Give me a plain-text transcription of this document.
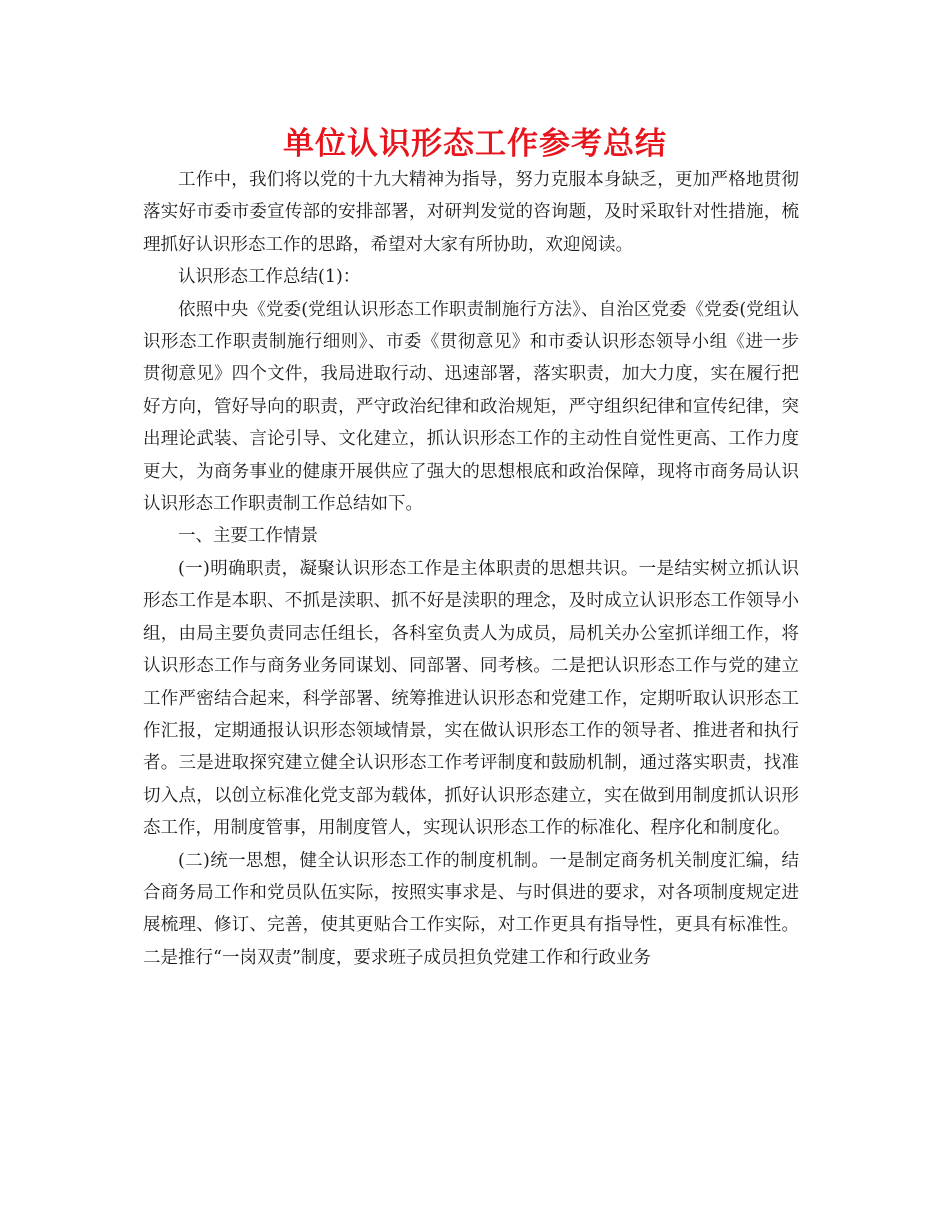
单位认识形态工作参考总结

工作中，我们将以党的十九大精神为指导，努力克服本身缺乏，更加严格地贯彻落实好市委市委宣传部的安排部署，对研判发觉的咨询题，及时采取针对性措施，梳理抓好认识形态工作的思路，希望对大家有所协助，欢迎阅读。

认识形态工作总结(1)：

依照中央《党委(党组认识形态工作职责制施行方法》、自治区党委《党委(党组认识形态工作职责制施行细则》、市委《贯彻意见》和市委认识形态领导小组《进一步贯彻意见》四个文件，我局进取行动、迅速部署，落实职责，加大力度，实在履行把好方向，管好导向的职责，严守政治纪律和政治规矩，严守组织纪律和宣传纪律，突出理论武装、言论引导、文化建立，抓认识形态工作的主动性自觉性更高、工作力度更大，为商务事业的健康开展供应了强大的思想根底和政治保障，现将市商务局认识认识形态工作职责制工作总结如下。

一、主要工作情景

(一)明确职责，凝聚认识形态工作是主体职责的思想共识。一是结实树立抓认识形态工作是本职、不抓是渎职、抓不好是渎职的理念，及时成立认识形态工作领导小组，由局主要负责同志任组长，各科室负责人为成员，局机关办公室抓详细工作，将认识形态工作与商务业务同谋划、同部署、同考核。二是把认识形态工作与党的建立工作严密结合起来，科学部署、统筹推进认识形态和党建工作，定期听取认识形态工作汇报，定期通报认识形态领域情景，实在做认识形态工作的领导者、推进者和执行者。三是进取探究建立健全认识形态工作考评制度和鼓励机制，通过落实职责，找准切入点，以创立标准化党支部为载体，抓好认识形态建立，实在做到用制度抓认识形态工作，用制度管事，用制度管人，实现认识形态工作的标准化、程序化和制度化。

(二)统一思想，健全认识形态工作的制度机制。一是制定商务机关制度汇编，结合商务局工作和党员队伍实际，按照实事求是、与时俱进的要求，对各项制度规定进展梳理、修订、完善，使其更贴合工作实际，对工作更具有指导性，更具有标准性。二是推行“一岗双责”制度，要求班子成员担负党建工作和行政业务
